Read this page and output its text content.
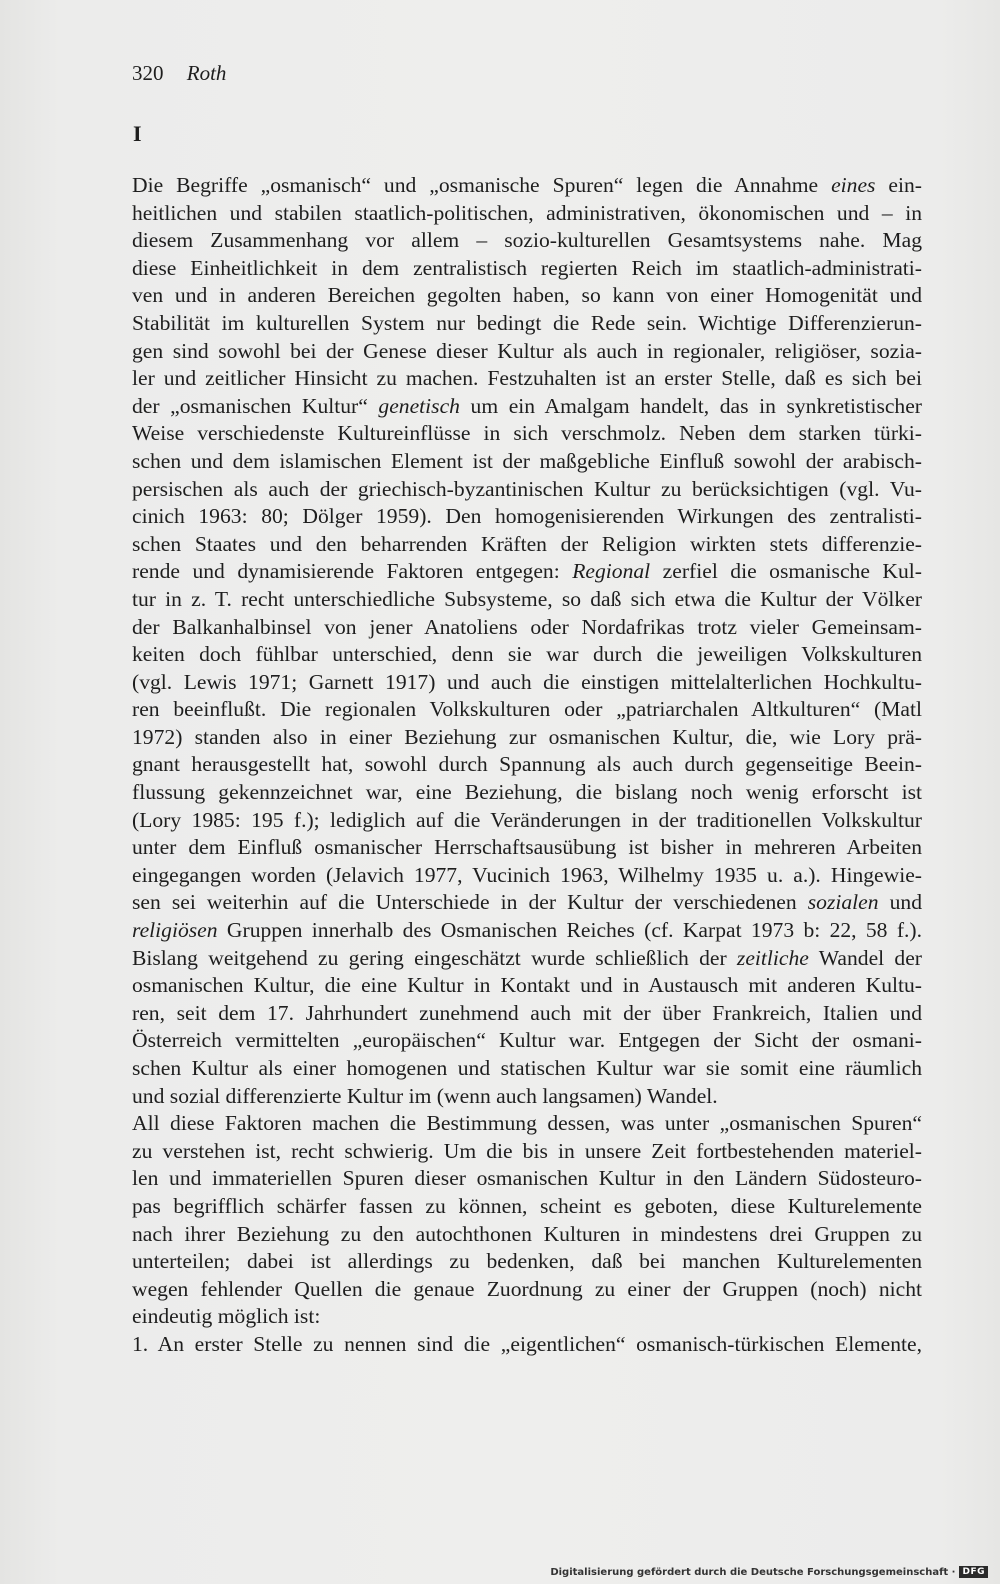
320 Roth
I
Die Begriffe „osmanisch“ und „osmanische Spuren“ legen die Annahme eines ein-
heitlichen und stabilen staatlich-politischen, administrativen, ökonomischen und – in
diesem Zusammenhang vor allem – sozio-kulturellen Gesamtsystems nahe. Mag
diese Einheitlichkeit in dem zentralistisch regierten Reich im staatlich-administrati-
ven und in anderen Bereichen gegolten haben, so kann von einer Homogenität und
Stabilität im kulturellen System nur bedingt die Rede sein. Wichtige Differenzierun-
gen sind sowohl bei der Genese dieser Kultur als auch in regionaler, religiöser, sozia-
ler und zeitlicher Hinsicht zu machen. Festzuhalten ist an erster Stelle, daß es sich bei
der „osmanischen Kultur“ genetisch um ein Amalgam handelt, das in synkretistischer
Weise verschiedenste Kultureinflüsse in sich verschmolz. Neben dem starken türki-
schen und dem islamischen Element ist der maßgebliche Einfluß sowohl der arabisch-
persischen als auch der griechisch-byzantinischen Kultur zu berücksichtigen (vgl. Vu-
cinich 1963: 80; Dölger 1959). Den homogenisierenden Wirkungen des zentralisti-
schen Staates und den beharrenden Kräften der Religion wirkten stets differenzie-
rende und dynamisierende Faktoren entgegen: Regional zerfiel die osmanische Kul-
tur in z. T. recht unterschiedliche Subsysteme, so daß sich etwa die Kultur der Völker
der Balkanhalbinsel von jener Anatoliens oder Nordafrikas trotz vieler Gemeinsam-
keiten doch fühlbar unterschied, denn sie war durch die jeweiligen Volkskulturen
(vgl. Lewis 1971; Garnett 1917) und auch die einstigen mittelalterlichen Hochkultu-
ren beeinflußt. Die regionalen Volkskulturen oder „patriarchalen Altkulturen“ (Matl
1972) standen also in einer Beziehung zur osmanischen Kultur, die, wie Lory prä-
gnant herausgestellt hat, sowohl durch Spannung als auch durch gegenseitige Beein-
flussung gekennzeichnet war, eine Beziehung, die bislang noch wenig erforscht ist
(Lory 1985: 195 f.); lediglich auf die Veränderungen in der traditionellen Volkskultur
unter dem Einfluß osmanischer Herrschaftsausübung ist bisher in mehreren Arbeiten
eingegangen worden (Jelavich 1977, Vucinich 1963, Wilhelmy 1935 u. a.). Hingewie-
sen sei weiterhin auf die Unterschiede in der Kultur der verschiedenen sozialen und
religiösen Gruppen innerhalb des Osmanischen Reiches (cf. Karpat 1973 b: 22, 58 f.).
Bislang weitgehend zu gering eingeschätzt wurde schließlich der zeitliche Wandel der
osmanischen Kultur, die eine Kultur in Kontakt und in Austausch mit anderen Kultu-
ren, seit dem 17. Jahrhundert zunehmend auch mit der über Frankreich, Italien und
Österreich vermittelten „europäischen“ Kultur war. Entgegen der Sicht der osmani-
schen Kultur als einer homogenen und statischen Kultur war sie somit eine räumlich
und sozial differenzierte Kultur im (wenn auch langsamen) Wandel.
All diese Faktoren machen die Bestimmung dessen, was unter „osmanischen Spuren“
zu verstehen ist, recht schwierig. Um die bis in unsere Zeit fortbestehenden materiel-
len und immateriellen Spuren dieser osmanischen Kultur in den Ländern Südosteuro-
pas begrifflich schärfer fassen zu können, scheint es geboten, diese Kulturelemente
nach ihrer Beziehung zu den autochthonen Kulturen in mindestens drei Gruppen zu
unterteilen; dabei ist allerdings zu bedenken, daß bei manchen Kulturelementen
wegen fehlender Quellen die genaue Zuordnung zu einer der Gruppen (noch) nicht
eindeutig möglich ist:
1. An erster Stelle zu nennen sind die „eigentlichen“ osmanisch-türkischen Elemente,
Digitalisierung gefördert durch die Deutsche Forschungsgemeinschaft · DFG
